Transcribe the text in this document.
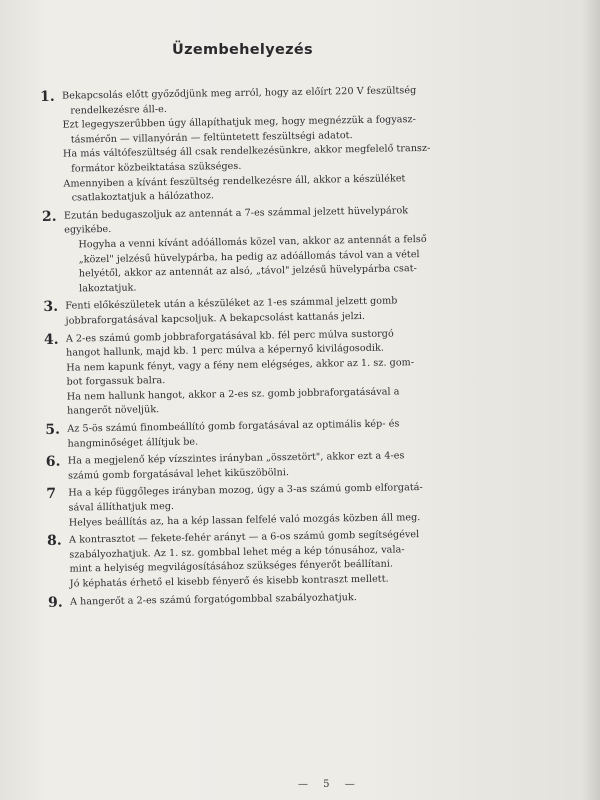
Üzembehelyezés
1. Bekapcsolás előtt győződjünk meg arról, hogy az előírt 220 V feszültség
rendelkezésre áll-e.
Ezt legegyszerűbben úgy állapíthatjuk meg, hogy megnézzük a fogyasz-
tásmérőn — villanyórán — feltüntetett feszültségi adatot.
Ha más váltófeszültség áll csak rendelkezésünkre, akkor megfelelő transz-
formátor közbeiktatása szükséges.
Amennyiben a kívánt feszültség rendelkezésre áll, akkor a készüléket
csatlakoztatjuk a hálózathoz.
2. Ezután bedugaszoljuk az antennát a 7-es számmal jelzett hüvelypárok
egyikébe.
Hogyha a venni kívánt adóállomás közel van, akkor az antennát a felső
„közel" jelzésű hüvelypárba, ha pedig az adóállomás távol van a vétel
helyétől, akkor az antennát az alsó, „távol" jelzésű hüvelypárba csat-
lakoztatjuk.
3. Fenti előkészületek után a készüléket az 1-es számmal jelzett gomb
jobbraforgatásával kapcsoljuk. A bekapcsolást kattanás jelzi.
4. A 2-es számú gomb jobbraforgatásával kb. fél perc múlva sustorgó
hangot hallunk, majd kb. 1 perc múlva a képernyő kivilágosodik.
Ha nem kapunk fényt, vagy a fény nem elégséges, akkor az 1. sz. gom-
bot forgassuk balra.
Ha nem hallunk hangot, akkor a 2-es sz. gomb jobbraforgatásával a
hangerőt növeljük.
5. Az 5-ös számú finombeállító gomb forgatásával az optimális kép- és
hangminőséget állítjuk be.
6. Ha a megjelenő kép vízszintes irányban „összetört", akkor ezt a 4-es
számú gomb forgatásával lehet kiküszöbölni.
7 Ha a kép függőleges irányban mozog, úgy a 3-as számú gomb elforgatá-
sával állíthatjuk meg.
Helyes beállítás az, ha a kép lassan felfelé való mozgás közben áll meg.
8. A kontrasztot — fekete-fehér arányt — a 6-os számú gomb segítségével
szabályozhatjuk. Az 1. sz. gombbal lehet még a kép tónusához, vala-
mint a helyiség megvilágosításához szükséges fényerőt beállítani.
Jó képhatás érhető el kisebb fényerő és kisebb kontraszt mellett.
9. A hangerőt a 2-es számú forgatógombbal szabályozhatjuk.
— 5 —
